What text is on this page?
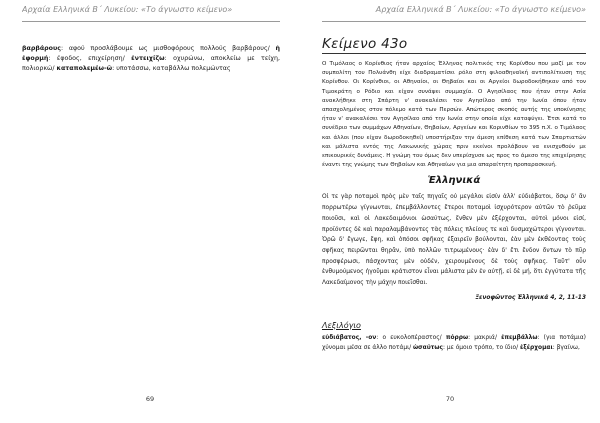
Αρχαία Ελληνικά Β΄ Λυκείου: «Το άγνωστο κείμενο»
βαρβάρους: αφού προσλάβουμε ως μισθοφόρους πολλούς βαρβάρους/ ἡ ἐφορμή: έφοδος, επιχείρηση/ ἐντειχίζω: οχυρώνω, αποκλείω με τείχη, πολιορκώ/ καταπολεμέω-ῶ: υποτάσσω, καταβάλλω πολεμώντας
69
Αρχαία Ελληνικά Β΄ Λυκείου: «Το άγνωστο κείμενο»
Κείμενο 43ο

Ο Τιμόλαος ο Κορίνθιος ήταν αρχαίος Έλληνας πολιτικός της Κορίνθου που μαζί με τον συμπολίτη του Πολυάνθη είχε διαδραματίσει ρόλο στη φιλοαθηναϊκή αντιπολίτευση της Κορίνθου. Οι Κορίνθιοι, οι Αθηναίοι, οι Θηβαίοι και οι Αργείοι δωροδοκήθηκαν από τον Τιμοκράτη ο Ρόδιο και είχαν συνάψει συμμαχία. Ο Αγησίλαος που ήταν στην Ασία ανακλήθηκε στη Σπάρτη ν' ανακαλέσει τον Αγησίλαο από την Ιωνία όπου ήταν απασχολημένος στον πόλεμο κατά των Περσών. Απώτερος σκοπός αυτής της υποκίνησης ήταν ν' ανακαλέσει τον Αγησίλαο από την Ιωνία στην οποία είχε καταφύγει. Έτσι κατά το συνέδριο των συμμάχων Αθηναίων, Θηβαίων, Αργείων και Κορινθίων το 395 π.Χ. ο Τιμόλαος και άλλοι (που είχαν δωροδοκηθεί) υποστήριξαν την άμεση επίθεση κατά των Σπαρτιατών και μάλιστα εντός της Λακωνικής χώρας πριν εκείνοι προλάβουν να ενισχυθούν με επικουρικές δυνάμεις. Η γνώμη του όμως δεν υπερίσχυσε ως προς το άμεσο της επιχείρησης έναντι της γνώμης των Θηβαίων και Αθηναίων για μια απαραίτητη προπαρασκευή.

Ἑλληνικά

Οἱ τε γὰρ ποταμοὶ πρὸς μὲν ταῖς πηγαῖς οὐ μεγάλοι εἰσίν ἀλλ' εὐδιάβατοι, ὅσῳ δ' ἂν πορρωτέρω γίγνωνται, ἐπεμβάλλοντες ἕτεροι ποταμοὶ ἰσχυρότερον αὐτῶν τὸ ῥεῦμα ποιοῦσι, καὶ οἱ Λακεδαιμόνιοι ὡσαύτως, ἔνθεν μὲν ἐξέρχονται, αὐτοὶ μόνοι εἰσί, προϊόντες δὲ καὶ παραλαμβάνοντες τὰς πόλεις πλείους τε καὶ δυσμαχώτεροι γίγνονται. Ὁρῶ δ' ἔγωγε, ἔφη, καὶ ὁπόσοι σφῆκας ἐξαιρεῖν βούλονται, ἐὰν μὲν ἐκθέοντας τοὺς σφῆκας πειρῶνται θηρᾶν, ὑπὸ πολλῶν τιτρωμένους· ἐὰν δ' ἔτι ἔνδον ὄντων τὸ πῦρ προσφέρωσι, πάσχοντας μὲν οὐδέν, χειρουμένους δὲ τοὺς σφῆκας. Ταῦτ' οὖν ἐνθυμούμενος ἡγοῦμαι κράτιστον εἶναι μάλιστα μὲν ἐν αὐτῇ, εἰ δὲ μή, ὅτι ἐγγύτατα τῆς Λακεδαίμονος τὴν μάχην ποιεῖσθαι.

Ξενοφῶντος Ἑλληνικά 4, 2, 11-13
Λεξιλόγιο
εὐδιάβατος, -ον: ο ευκολοπέραστος/ πόρρω: μακριά/ ἐπεμβάλλω: (για ποτάμια) χύνομαι μέσα σε άλλο ποτάμι/ ὡσαύτως: με όμοιο τρόπο, το ίδιο/ ἐξέρχομαι: βγαίνω,
70
